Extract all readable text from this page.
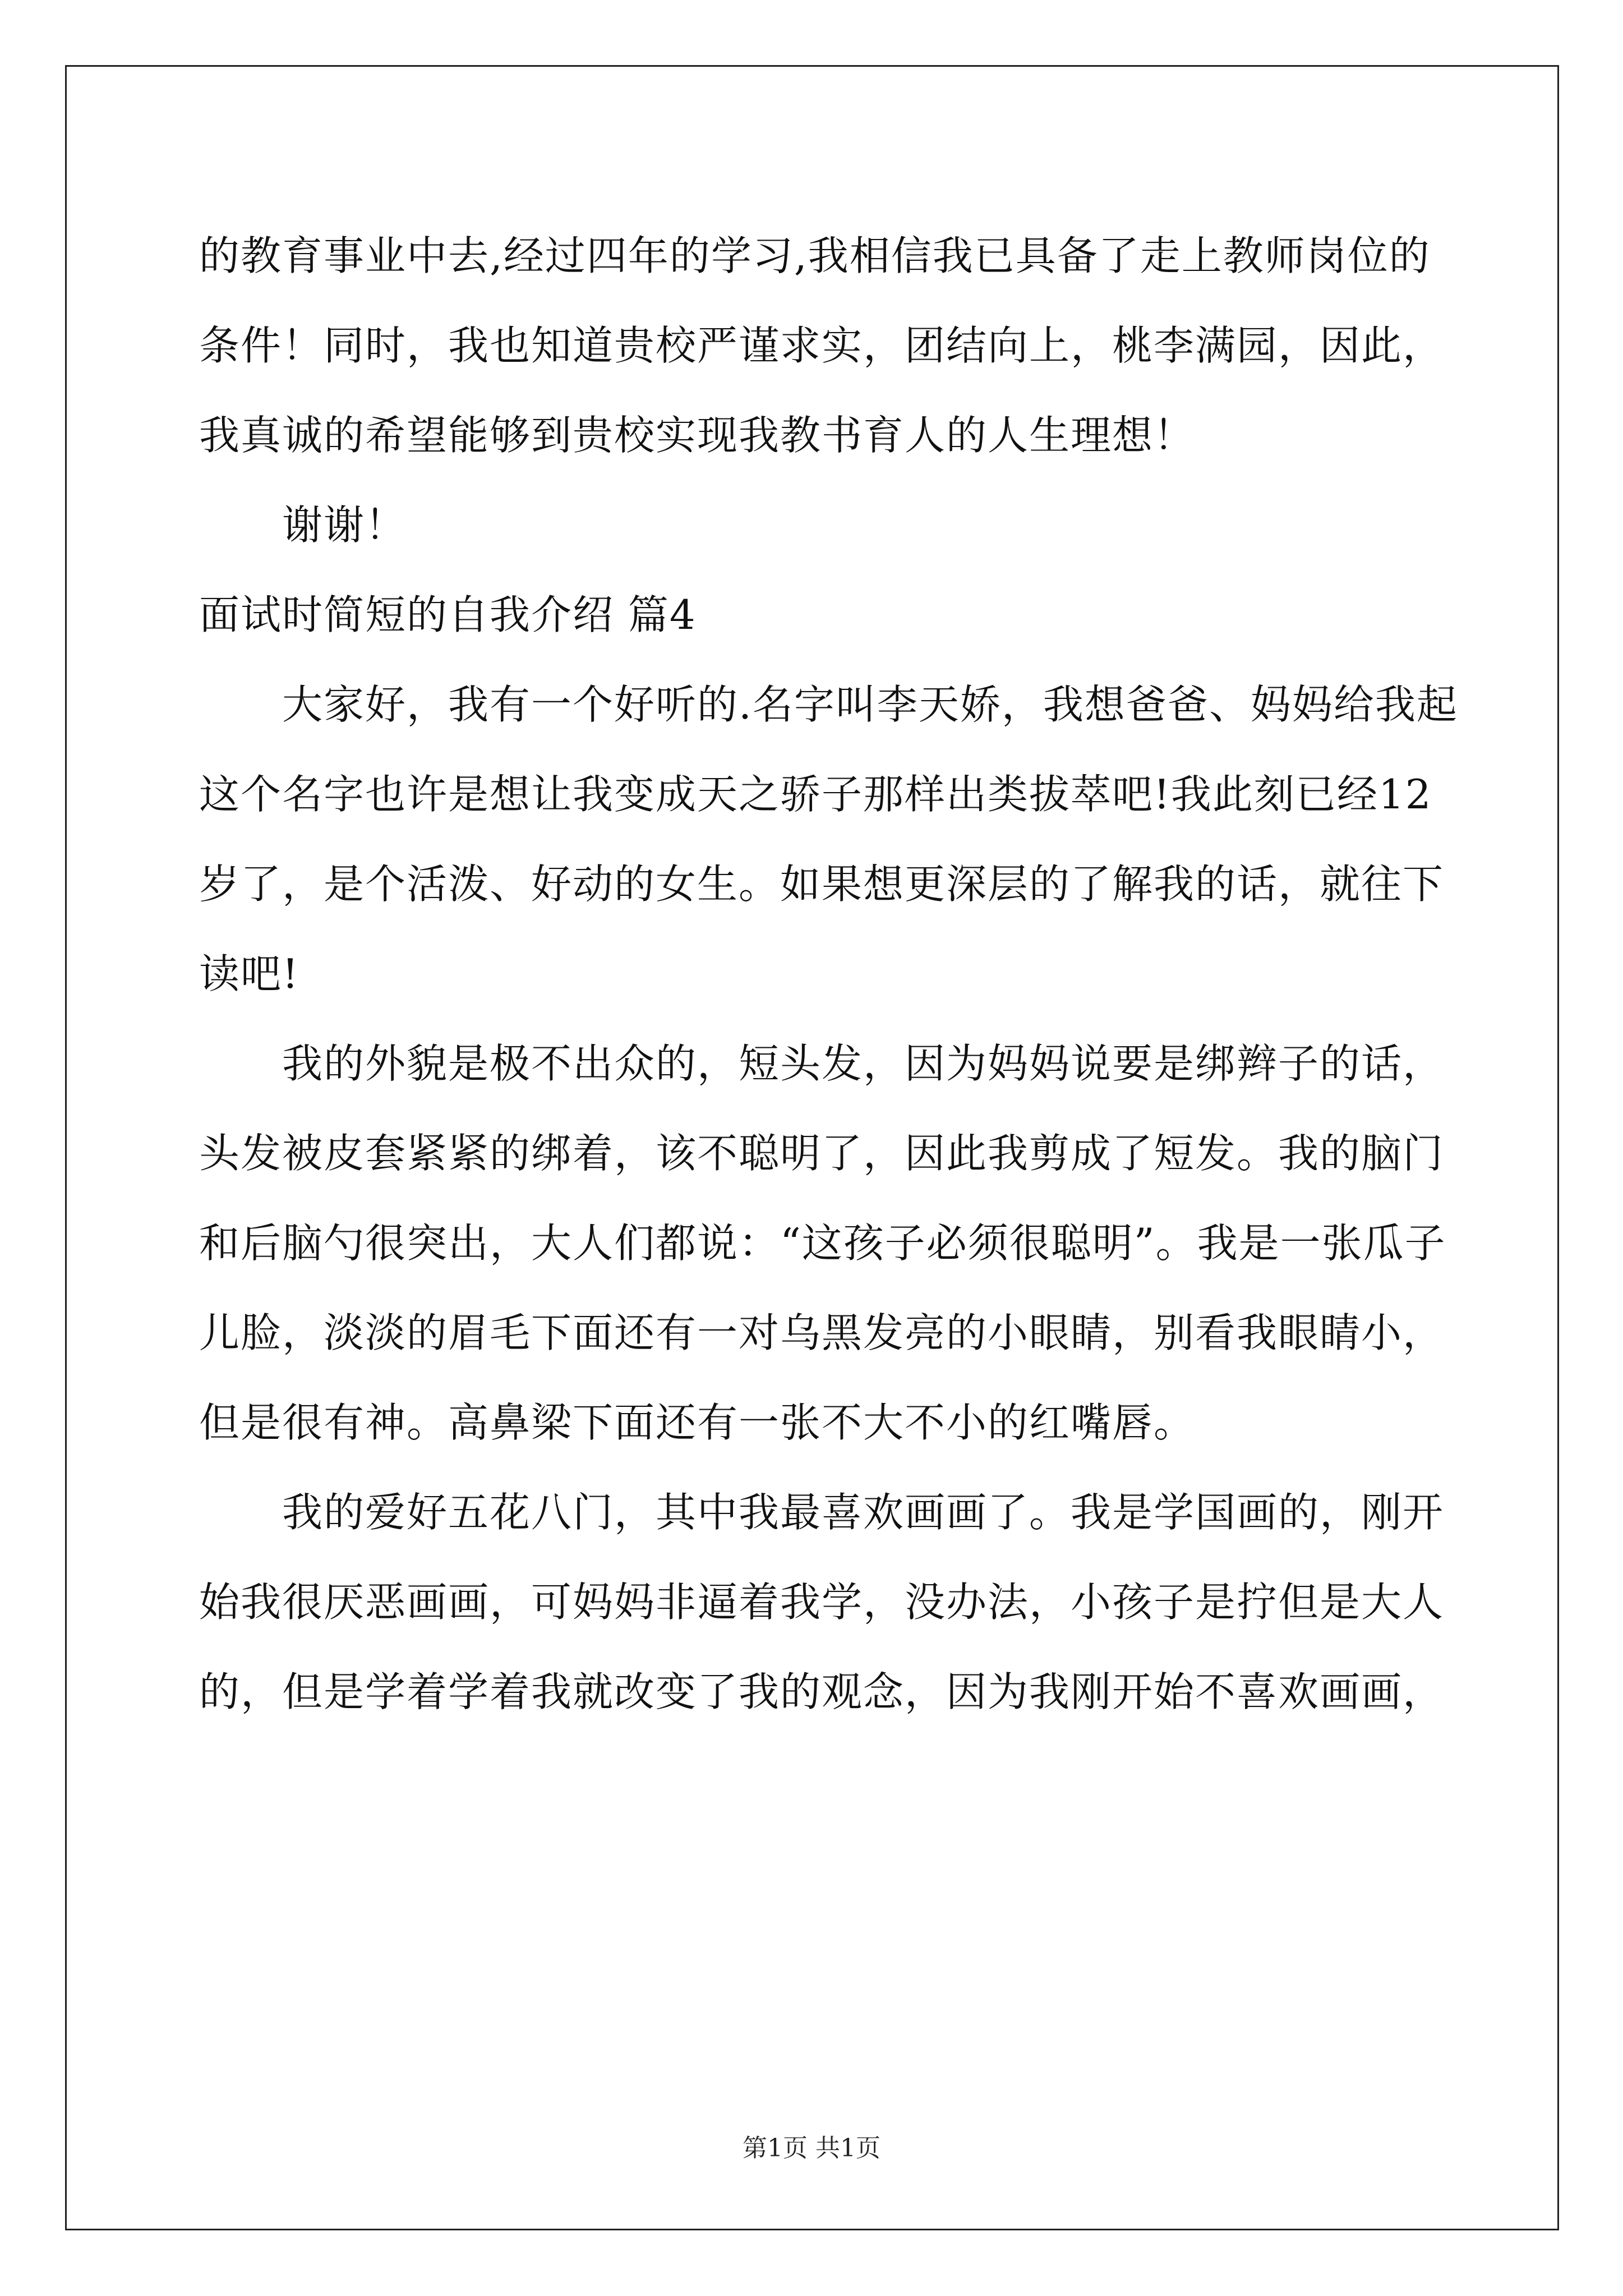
的教育事业中去,经过四年的学习,我相信我已具备了走上教师岗位的
条件！同时，我也知道贵校严谨求实，团结向上，桃李满园，因此，
我真诚的希望能够到贵校实现我教书育人的人生理想！
谢谢！
面试时简短的自我介绍 篇4
大家好，我有一个好听的.名字叫李天娇，我想爸爸、妈妈给我起
这个名字也许是想让我变成天之骄子那样出类拔萃吧!我此刻已经12
岁了，是个活泼、好动的女生。如果想更深层的了解我的话，就往下
读吧!
我的外貌是极不出众的，短头发，因为妈妈说要是绑辫子的话，
头发被皮套紧紧的绑着，该不聪明了，因此我剪成了短发。我的脑门
和后脑勺很突出，大人们都说：“这孩子必须很聪明”。我是一张瓜子
儿脸，淡淡的眉毛下面还有一对乌黑发亮的小眼睛，别看我眼睛小，
但是很有神。高鼻梁下面还有一张不大不小的红嘴唇。
我的爱好五花八门，其中我最喜欢画画了。我是学国画的，刚开
始我很厌恶画画，可妈妈非逼着我学，没办法，小孩子是拧但是大人
的，但是学着学着我就改变了我的观念，因为我刚开始不喜欢画画，
第1页 共1页
